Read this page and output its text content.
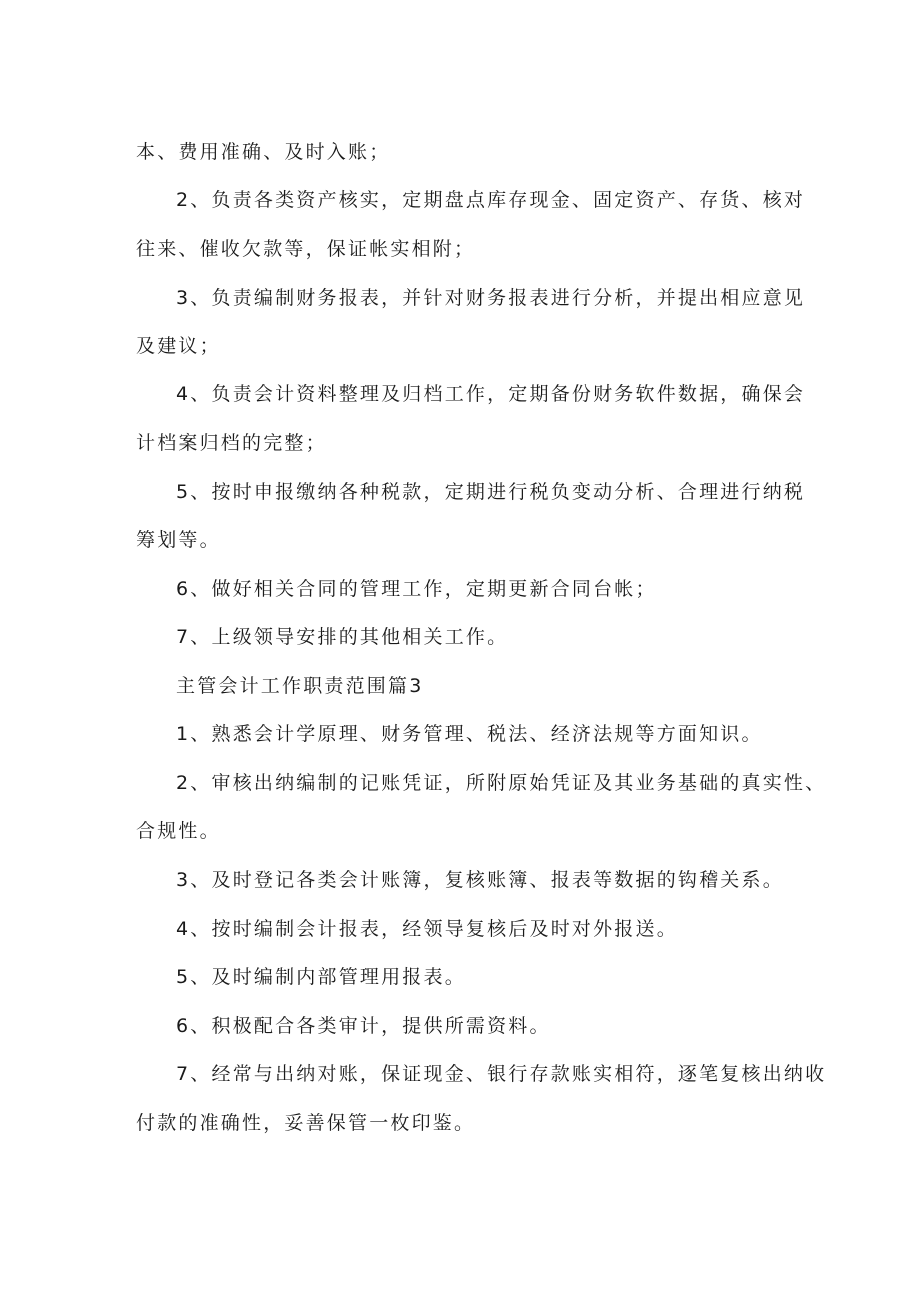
本、费用准确、及时入账；
2、负责各类资产核实，定期盘点库存现金、固定资产、存货、核对
往来、催收欠款等，保证帐实相附；
3、负责编制财务报表，并针对财务报表进行分析，并提出相应意见
及建议；
4、负责会计资料整理及归档工作，定期备份财务软件数据，确保会
计档案归档的完整；
5、按时申报缴纳各种税款，定期进行税负变动分析、合理进行纳税
筹划等。
6、做好相关合同的管理工作，定期更新合同台帐；
7、上级领导安排的其他相关工作。
主管会计工作职责范围篇3
1、熟悉会计学原理、财务管理、税法、经济法规等方面知识。
2、审核出纳编制的记账凭证，所附原始凭证及其业务基础的真实性、
合规性。
3、及时登记各类会计账簿，复核账簿、报表等数据的钩稽关系。
4、按时编制会计报表，经领导复核后及时对外报送。
5、及时编制内部管理用报表。
6、积极配合各类审计，提供所需资料。
7、经常与出纳对账，保证现金、银行存款账实相符，逐笔复核出纳收
付款的准确性，妥善保管一枚印鉴。
